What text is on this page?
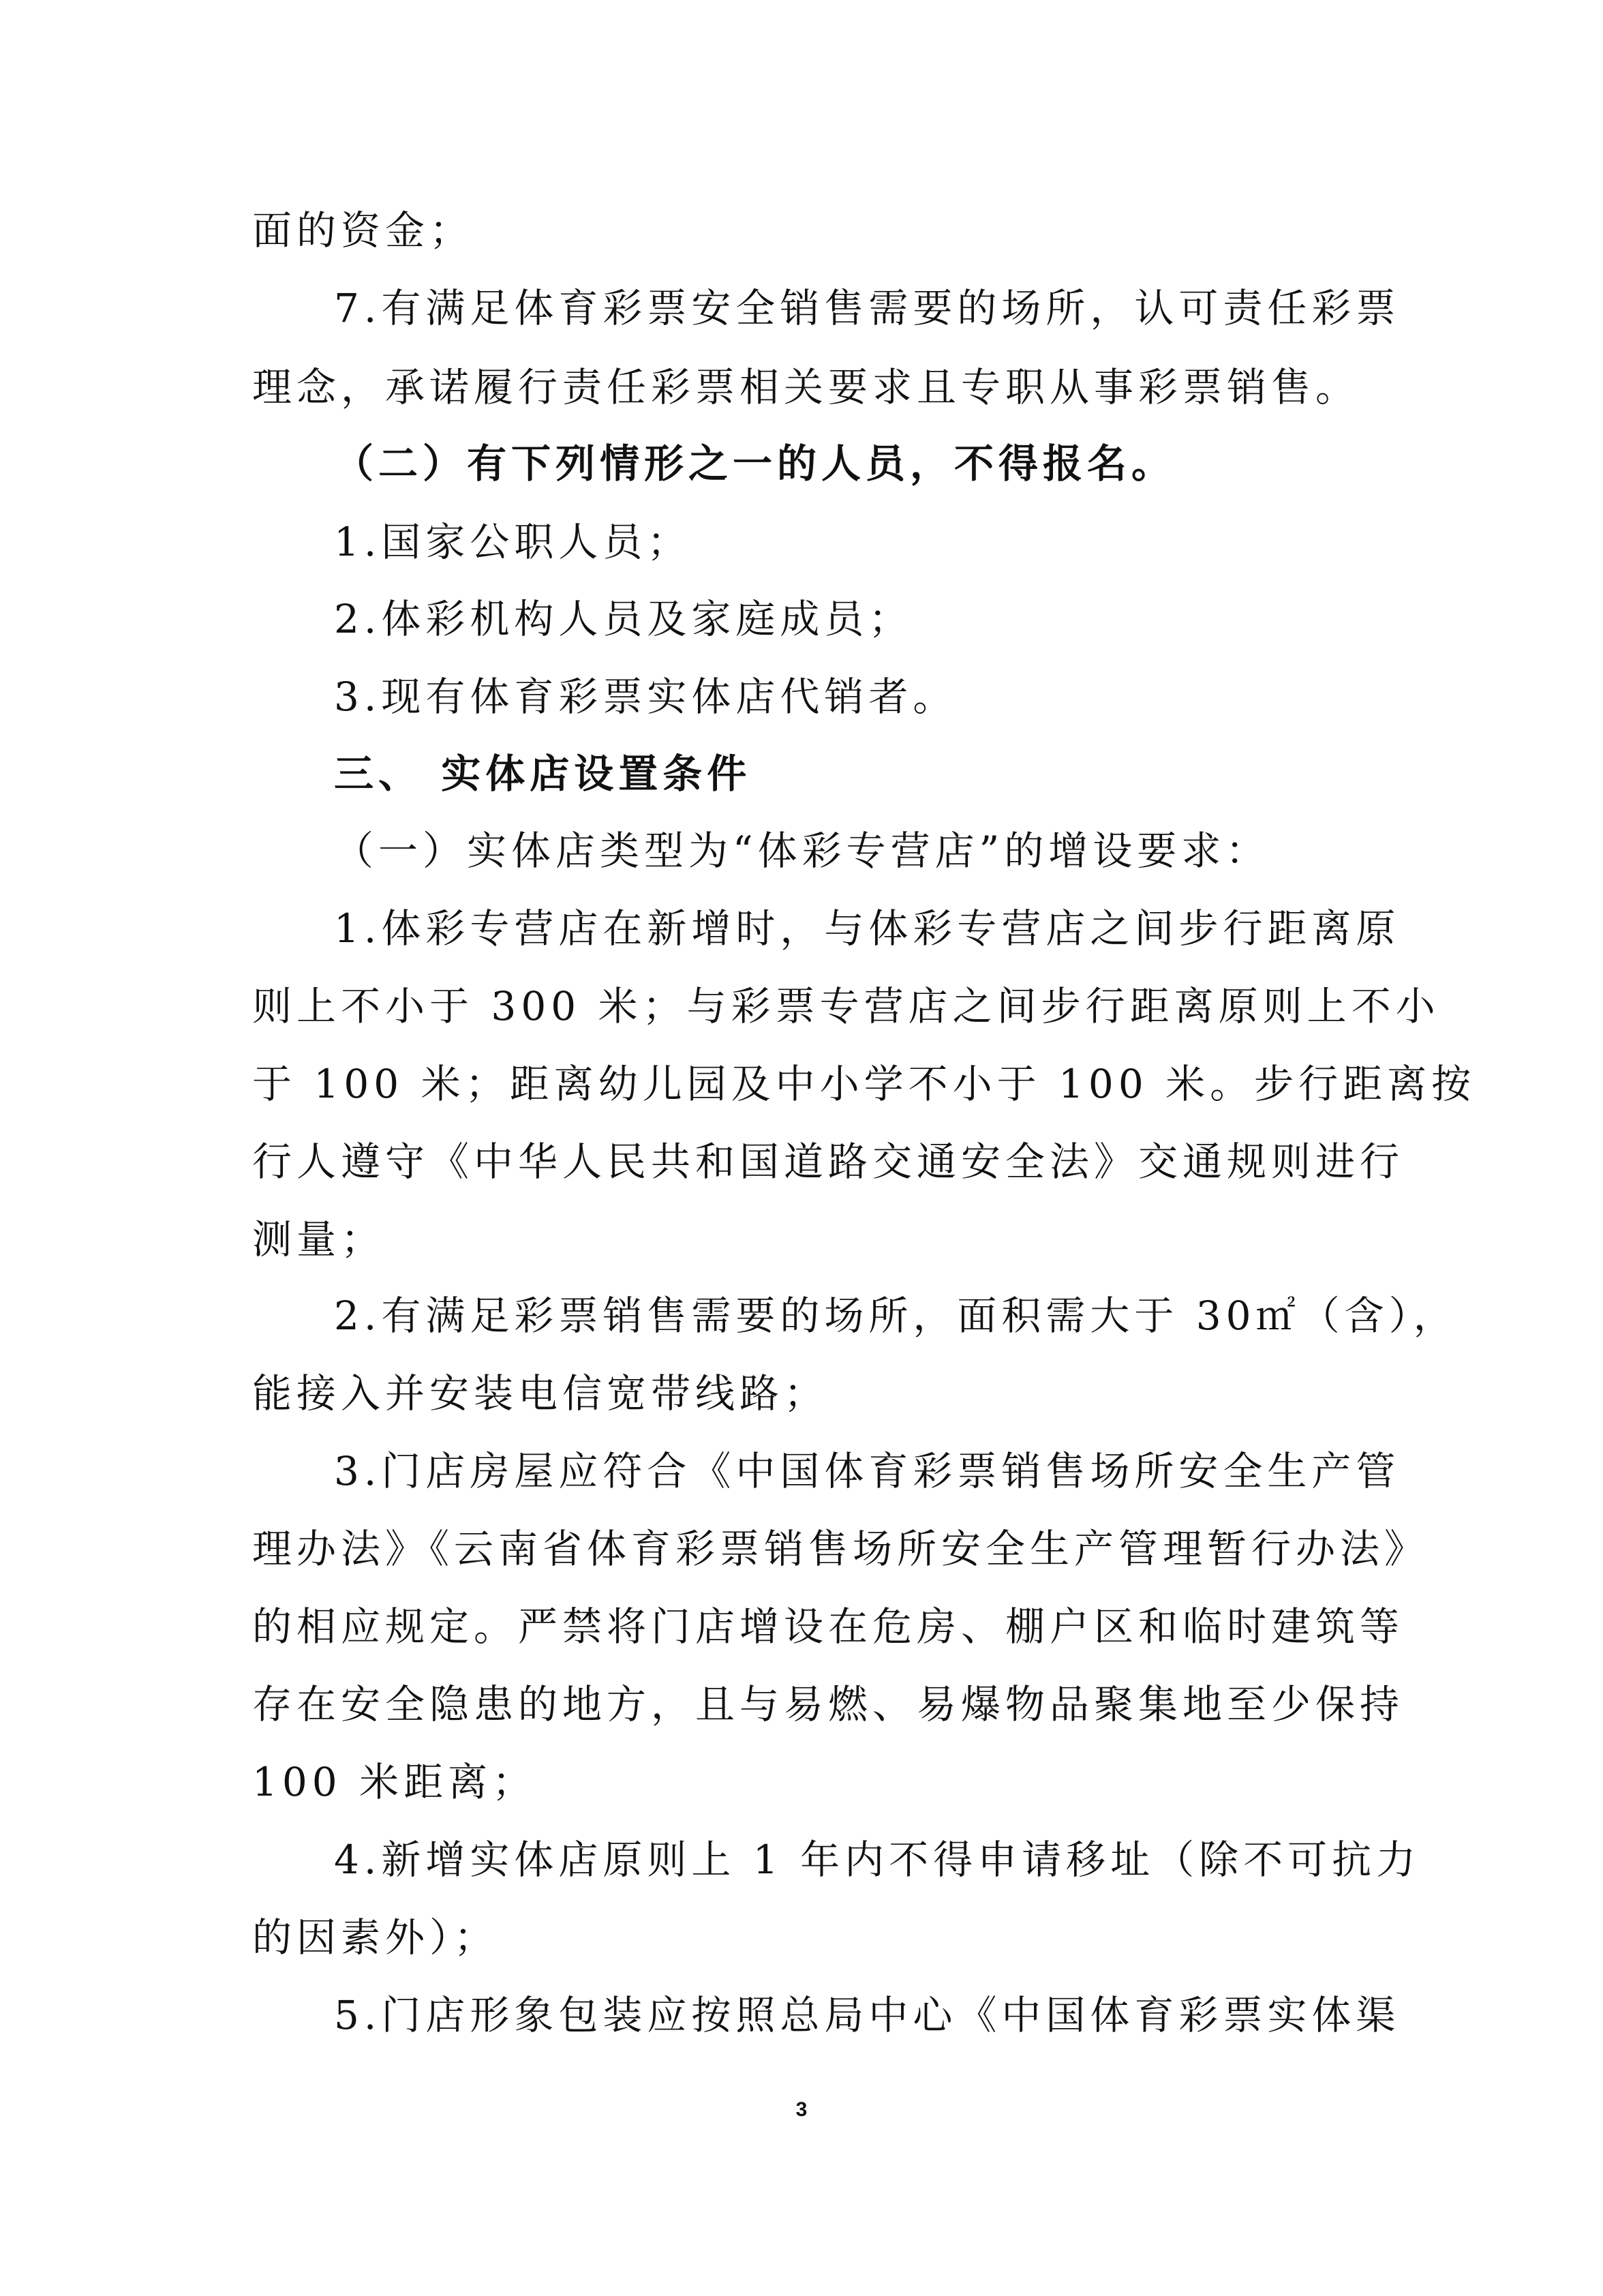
面的资金；
7.有满足体育彩票安全销售需要的场所，认可责任彩票
理念，承诺履行责任彩票相关要求且专职从事彩票销售。
（二）有下列情形之一的人员，不得报名。
1.国家公职人员；
2.体彩机构人员及家庭成员；
3.现有体育彩票实体店代销者。
三、 实体店设置条件
（一）实体店类型为“体彩专营店”的增设要求：
1.体彩专营店在新增时，与体彩专营店之间步行距离原
则上不小于 300 米；与彩票专营店之间步行距离原则上不小
于 100 米；距离幼儿园及中小学不小于 100 米。步行距离按
行人遵守《中华人民共和国道路交通安全法》交通规则进行
测量；
2.有满足彩票销售需要的场所，面积需大于 30㎡（含），
能接入并安装电信宽带线路；
3.门店房屋应符合《中国体育彩票销售场所安全生产管
理办法》《云南省体育彩票销售场所安全生产管理暂行办法》
的相应规定。严禁将门店增设在危房、棚户区和临时建筑等
存在安全隐患的地方，且与易燃、易爆物品聚集地至少保持
100 米距离；
4.新增实体店原则上 1 年内不得申请移址（除不可抗力
的因素外）；
5.门店形象包装应按照总局中心《中国体育彩票实体渠
3
